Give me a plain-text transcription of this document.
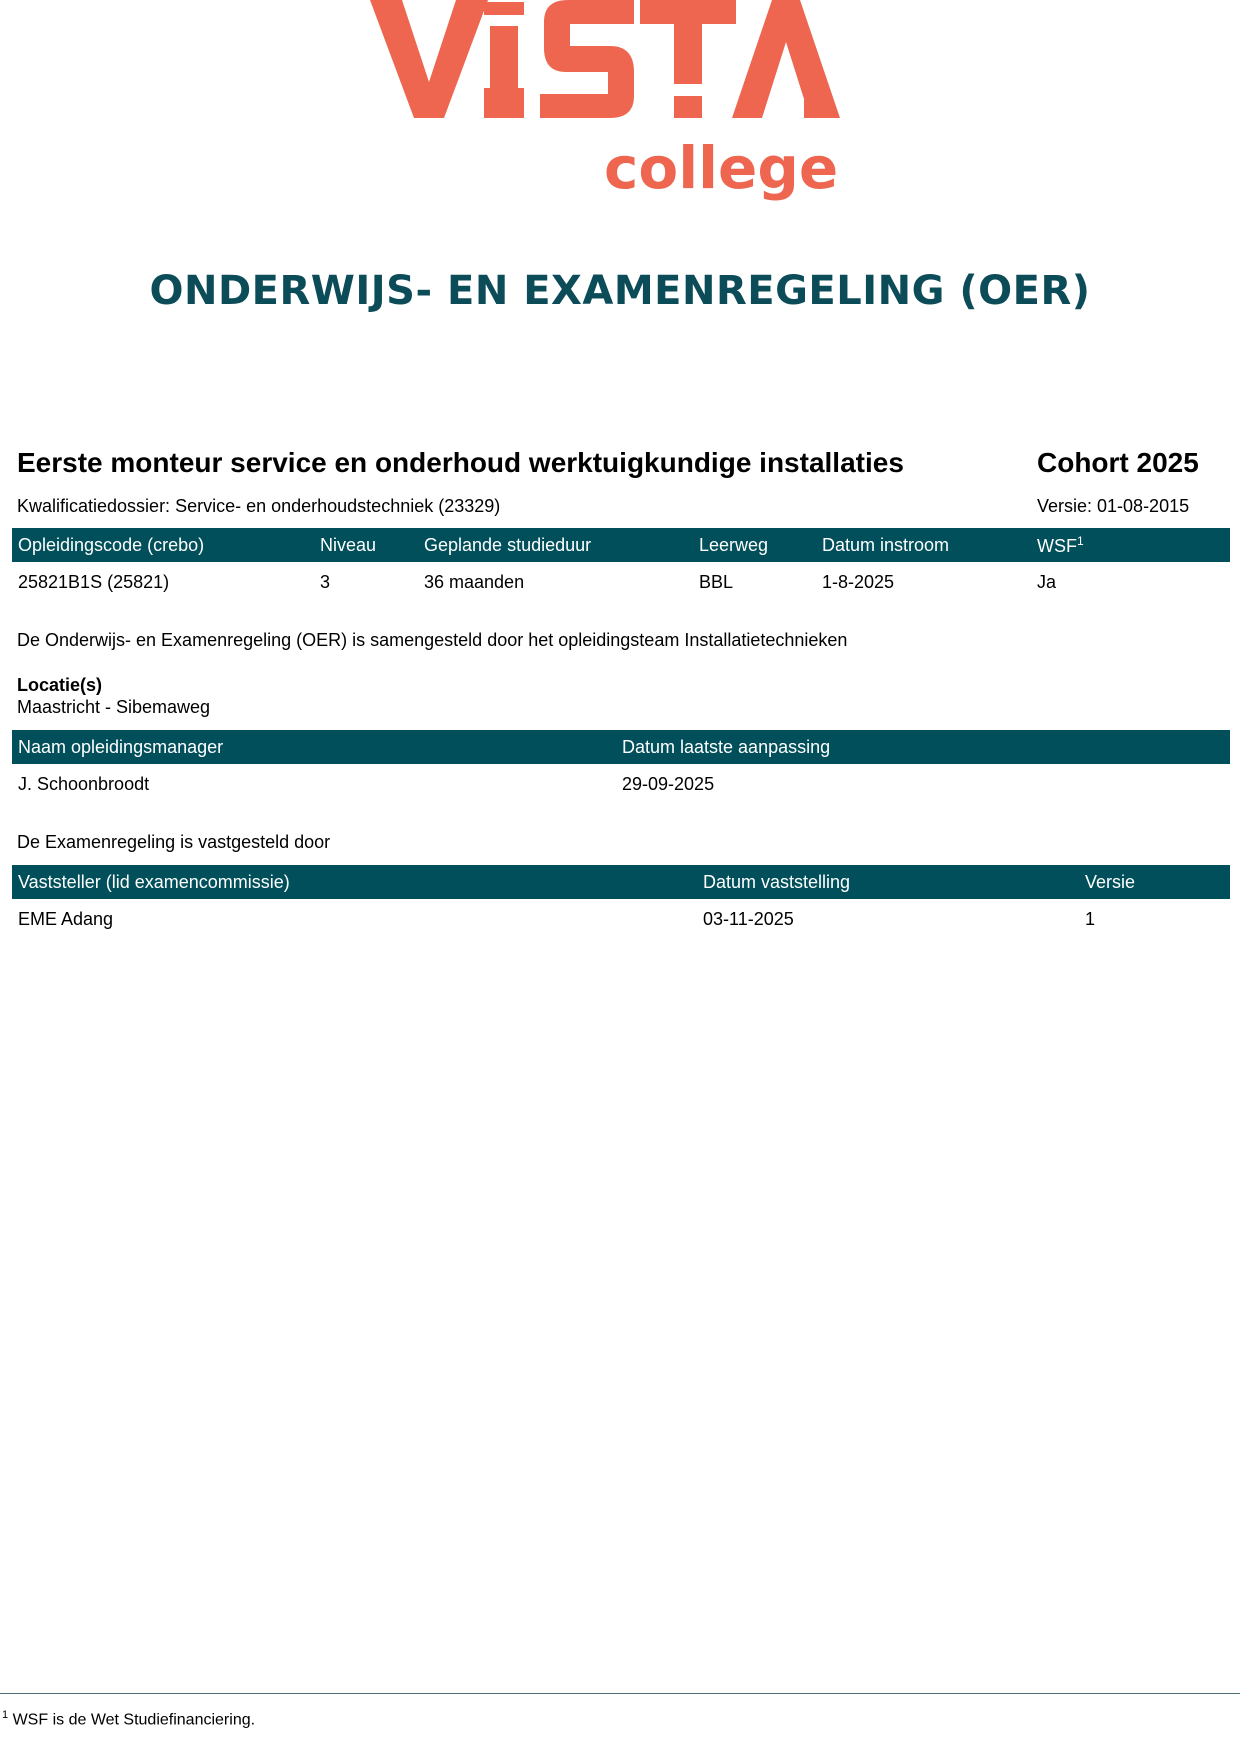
college
ONDERWIJS- EN EXAMENREGELING (OER)
Eerste monteur service en onderhoud werktuigkundige installaties	Cohort 2025
Kwalificatiedossier: Service- en onderhoudstechniek (23329)	Versie: 01-08-2015
Opleidingscode (crebo)	Niveau	Geplande studieduur	Leerweg	Datum instroom	WSF$^1$
25821B1S (25821)	3	36 maanden	BBL	1-8-2025	Ja
De Onderwijs- en Examenregeling (OER) is samengesteld door het opleidingsteam Installatietechnieken
Locatie(s)
Maastricht - Sibemaweg
Naam opleidingsmanager	Datum laatste aanpassing
J. Schoonbroodt	29-09-2025
De Examenregeling is vastgesteld door
Vaststeller (lid examencommissie)	Datum vaststelling	Versie
EME Adang	03-11-2025	1
$^1$ WSF is de Wet Studiefinanciering.
